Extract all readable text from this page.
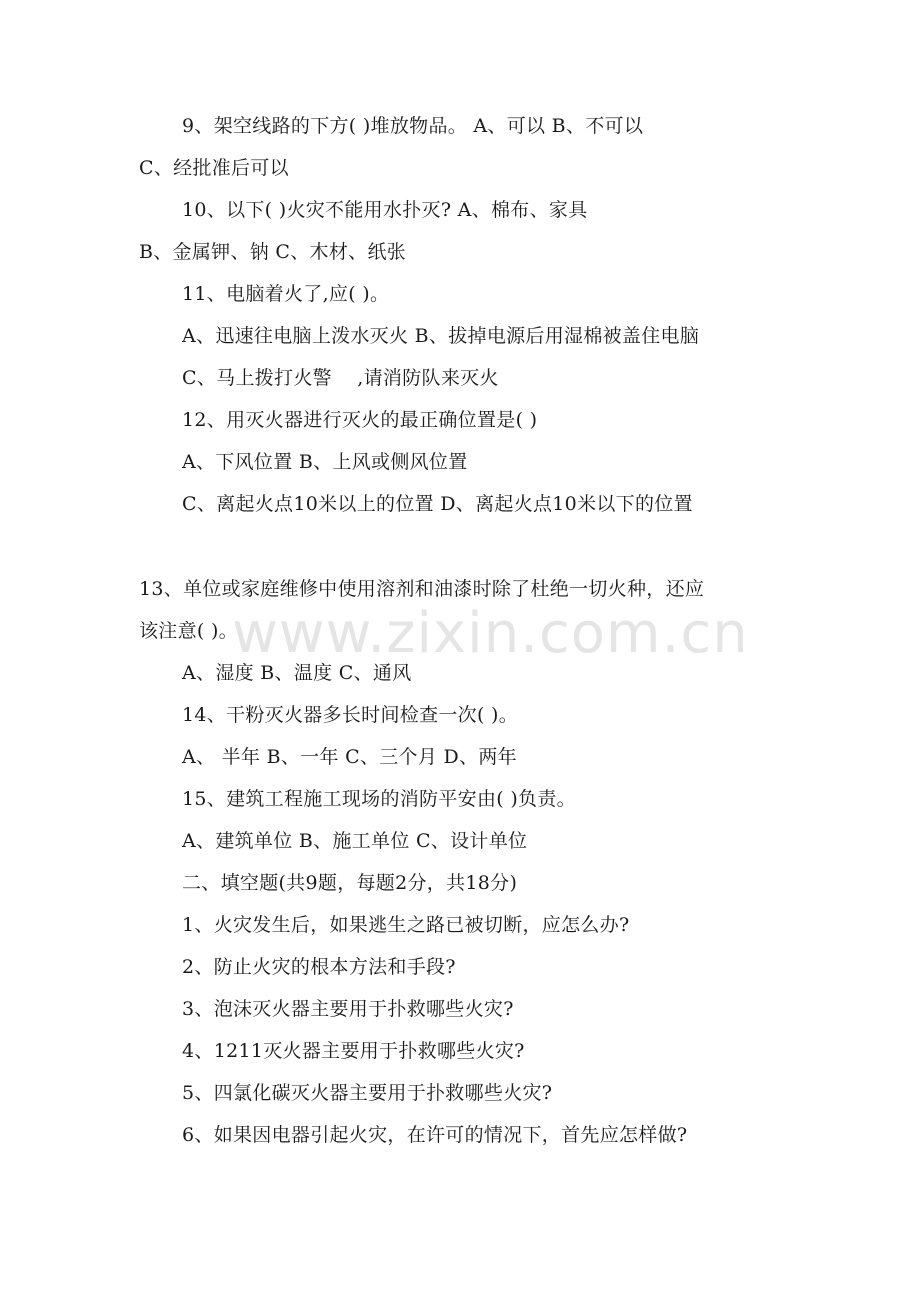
9、架空线路的下方( )堆放物品。 A、可以 B、不可以
C、经批准后可以
10、以下( )火灾不能用水扑灭? A、棉布、家具
B、金属钾、钠 C、木材、纸张
11、电脑着火了,应( )。
A、迅速往电脑上泼水灭火 B、拔掉电源后用湿棉被盖住电脑
C、马上拨打火警    ,请消防队来灭火
12、用灭火器进行灭火的最正确位置是( )
A、下风位置 B、上风或侧风位置
C、离起火点10米以上的位置 D、离起火点10米以下的位置
13、单位或家庭维修中使用溶剂和油漆时除了杜绝一切火种，还应
该注意( )。
A、湿度 B、温度 C、通风
14、干粉灭火器多长时间检查一次( )。
A、 半年 B、一年 C、三个月 D、两年
15、建筑工程施工现场的消防平安由( )负责。
A、建筑单位 B、施工单位 C、设计单位
二、填空题(共9题，每题2分，共18分)
1、火灾发生后，如果逃生之路已被切断，应怎么办?
2、防止火灾的根本方法和手段?
3、泡沫灭火器主要用于扑救哪些火灾?
4、1211灭火器主要用于扑救哪些火灾?
5、四氯化碳灭火器主要用于扑救哪些火灾?
6、如果因电器引起火灾，在许可的情况下，首先应怎样做?
www.zixin.com.cn
